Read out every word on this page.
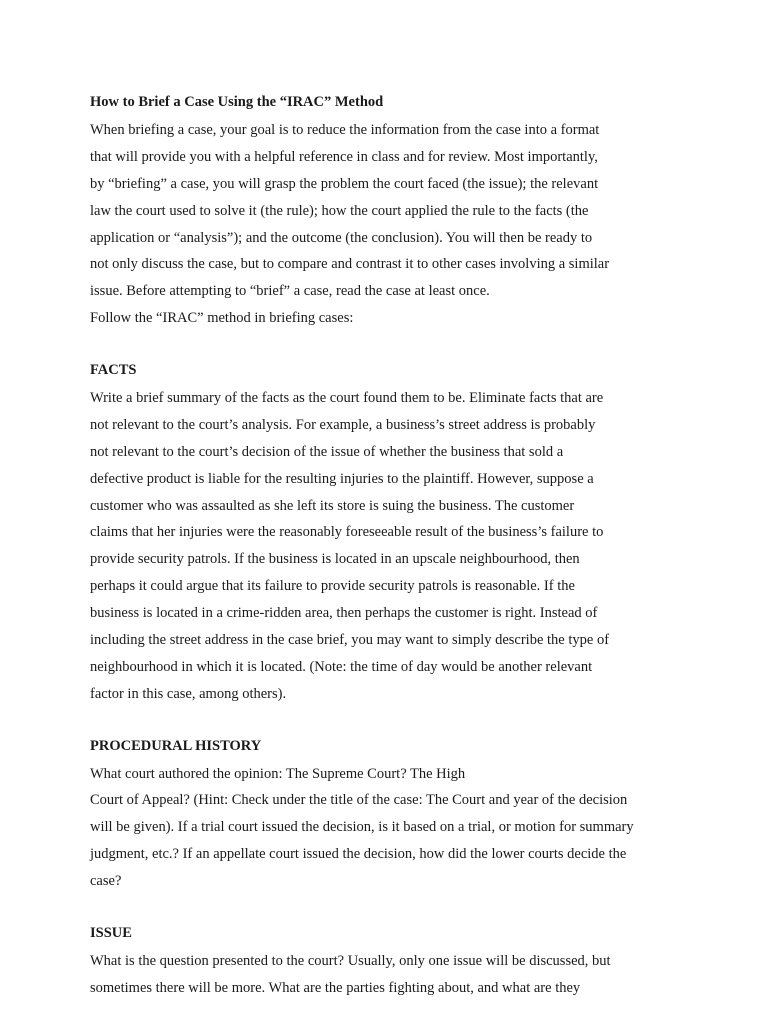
How to Brief a Case Using the “IRAC” Method
When briefing a case, your goal is to reduce the information from the case into a format
that will provide you with a helpful reference in class and for review. Most importantly,
by “briefing” a case, you will grasp the problem the court faced (the issue); the relevant
law the court used to solve it (the rule); how the court applied the rule to the facts (the
application or “analysis”); and the outcome (the conclusion). You will then be ready to
not only discuss the case, but to compare and contrast it to other cases involving a similar
issue. Before attempting to “brief” a case, read the case at least once.
Follow the “IRAC” method in briefing cases:
FACTS
Write a brief summary of the facts as the court found them to be. Eliminate facts that are
not relevant to the court’s analysis. For example, a business’s street address is probably
not relevant to the court’s decision of the issue of whether the business that sold a
defective product is liable for the resulting injuries to the plaintiff. However, suppose a
customer who was assaulted as she left its store is suing the business. The customer
claims that her injuries were the reasonably foreseeable result of the business’s failure to
provide security patrols. If the business is located in an upscale neighbourhood, then
perhaps it could argue that its failure to provide security patrols is reasonable. If the
business is located in a crime-ridden area, then perhaps the customer is right. Instead of
including the street address in the case brief, you may want to simply describe the type of
neighbourhood in which it is located. (Note: the time of day would be another relevant
factor in this case, among others).
PROCEDURAL HISTORY
What court authored the opinion: The Supreme Court? The High
Court of Appeal? (Hint: Check under the title of the case: The Court and year of the decision
will be given). If a trial court issued the decision, is it based on a trial, or motion for summary
judgment, etc.? If an appellate court issued the decision, how did the lower courts decide the
case?
ISSUE
What is the question presented to the court? Usually, only one issue will be discussed, but
sometimes there will be more. What are the parties fighting about, and what are they
